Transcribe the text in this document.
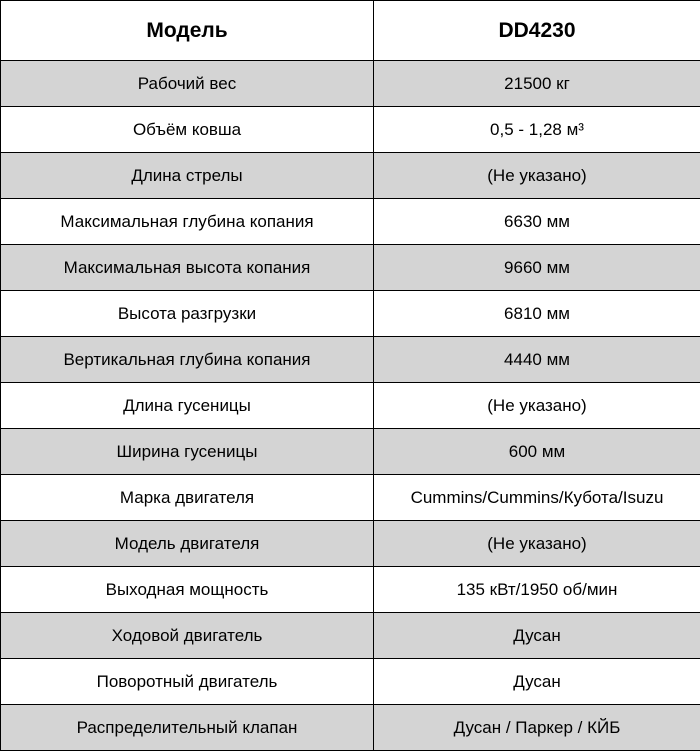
Модель	DD4230
Рабочий вес	21500 кг
Объём ковша	0,5 - 1,28 м³
Длина стрелы	(Не указано)
Максимальная глубина копания	6630 мм
Максимальная высота копания	9660 мм
Высота разгрузки	6810 мм
Вертикальная глубина копания	4440 мм
Длина гусеницы	(Не указано)
Ширина гусеницы	600 мм
Марка двигателя	Cummins/Cummins/Кубота/Isuzu
Модель двигателя	(Не указано)
Выходная мощность	135 кВт/1950 об/мин
Ходовой двигатель	Дусан
Поворотный двигатель	Дусан
Распределительный клапан	Дусан / Паркер / КЙБ
